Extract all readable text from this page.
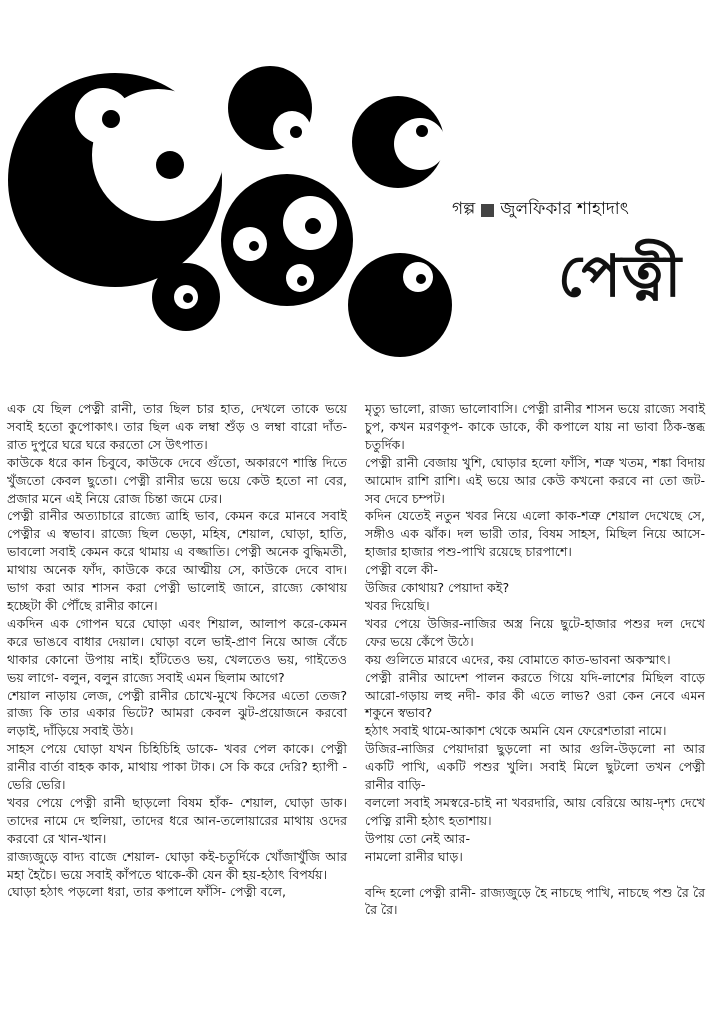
গল্প জুলফিকার শাহাদাৎ
পেত্নী

এক যে ছিল পেত্নী রানী, তার ছিল চার হাত, দেখলে তাকে ভয়ে সবাই হতো কুপোকাৎ। তার ছিল এক লম্বা শুঁড় ও লম্বা বারো দাঁত-রাত দুপুরে ঘরে ঘরে করতো সে উৎপাত।

কাউকে ধরে কান চিবুবে, কাউকে দেবে গুঁতো, অকারণে শাস্তি দিতে খুঁজতো কেবল ছুতো। পেত্নী রানীর ভয়ে ভয়ে কেউ হতো না বের, প্রজার মনে এই নিয়ে রোজ চিন্তা জমে ঢের।

পেত্নী রানীর অত্যাচারে রাজ্যে ত্রাহি ভাব, কেমন করে মানবে সবাই পেত্নীর এ স্বভাব। রাজ্যে ছিল ভেড়া, মহিষ, শেয়াল, ঘোড়া, হাতি, ভাবলো সবাই কেমন করে থামায় এ বজ্জাতি। পেত্নী অনেক বুদ্ধিমতী, মাথায় অনেক ফাঁদ, কাউকে করে আত্মীয় সে, কাউকে দেবে বাদ। ভাগ করা আর শাসন করা পেত্নী ভালোই জানে, রাজ্যে কোথায় হচ্ছেটা কী পৌঁছে রানীর কানে।

একদিন এক গোপন ঘরে ঘোড়া এবং শিয়াল, আলাপ করে-কেমন করে ভাঙবে বাধার দেয়াল। ঘোড়া বলে ভাই-প্রাণ নিয়ে আজ বেঁচে থাকার কোনো উপায় নাই। হাঁটতেও ভয়, খেলতেও ভয়, গাইতেও ভয় লাগে- বলুন, বলুন রাজ্যে সবাই এমন ছিলাম আগে?

শেয়াল নাড়ায় লেজ, পেত্নী রানীর চোখে-মুখে কিসের এতো তেজ? রাজ্য কি তার একার ভিটে? আমরা কেবল ঝুট-প্রয়োজনে করবো লড়াই, দাঁড়িয়ে সবাই উঠ।

সাহস পেয়ে ঘোড়া যখন চিহিচিহি ডাকে- খবর পেল কাকে। পেত্নী রানীর বার্তা বাহক কাক, মাথায় পাকা টাক। সে কি করে দেরি? হ্যাপী - ভেরি ভেরি।

খবর পেয়ে পেত্নী রানী ছাড়লো বিষম হাঁক- শেয়াল, ঘোড়া ডাক। তাদের নামে দে হুলিয়া, তাদের ধরে আন-তলোয়ারের মাথায় ওদের করবো রে খান-খান।

রাজ্যজুড়ে বাদ্য বাজে শেয়াল- ঘোড়া কই-চতুর্দিকে খোঁজাখুঁজি আর মহা হৈচৈ। ভয়ে সবাই কাঁপতে থাকে-কী যেন কী হয়-হঠাৎ বিপর্যয়।

ঘোড়া হঠাৎ পড়লো ধরা, তার কপালে ফাঁসি- পেত্নী বলে,

মৃত্যু ভালো, রাজ্য ভালোবাসি। পেত্নী রানীর শাসন ভয়ে রাজ্যে সবাই চুপ, কখন মরণকূপ- কাকে ডাকে, কী কপালে যায় না ভাবা ঠিক-স্তব্ধ চতুর্দিক।

পেত্নী রানী বেজায় খুশি, ঘোড়ার হলো ফাঁসি, শত্রু খতম, শঙ্কা বিদায় আমোদ রাশি রাশি। এই ভয়ে আর কেউ কখনো করবে না তো জট-সব দেবে চম্পট।

কদিন যেতেই নতুন খবর নিয়ে এলো কাক-শত্রু শেয়াল দেখেছে সে, সঙ্গীও এক ঝাঁক। দল ভারী তার, বিষম সাহস, মিছিল নিয়ে আসে-হাজার হাজার পশু-পাখি রয়েছে চারপাশে।

পেত্নী বলে কী-

উজির কোথায়? পেয়াদা কই?

খবর দিয়েছি।

খবর পেয়ে উজির-নাজির অস্ত্র নিয়ে ছুটে-হাজার পশুর দল দেখে ফের ভয়ে কেঁপে উঠে।

কয় গুলিতে মারবে এদের, কয় বোমাতে কাত-ভাবনা অকস্মাৎ।

পেত্নী রানীর আদেশ পালন করতে গিয়ে যদি-লাশের মিছিল বাড়ে আরো-গড়ায় লহু নদী- কার কী এতে লাভ? ওরা কেন নেবে এমন শকুনে স্বভাব?

হঠাৎ সবাই থামে-আকাশ থেকে অমনি যেন ফেরেশতারা নামে।

উজির-নাজির পেয়াদারা ছুড়লো না আর গুলি-উড়লো না আর একটি পাখি, একটি পশুর খুলি। সবাই মিলে ছুটলো তখন পেত্নী রানীর বাড়ি-

বললো সবাই সমস্বরে-চাই না খবরদারি, আয় বেরিয়ে আয়-দৃশ্য দেখে পেত্নি রানী হঠাৎ হতাশায়।

উপায় তো নেই আর-

নামলো রানীর ঘাড়।

বন্দি হলো পেত্নী রানী- রাজ্যজুড়ে হৈ নাচছে পাখি, নাচছে পশু রৈ রৈ রৈ রৈ।
